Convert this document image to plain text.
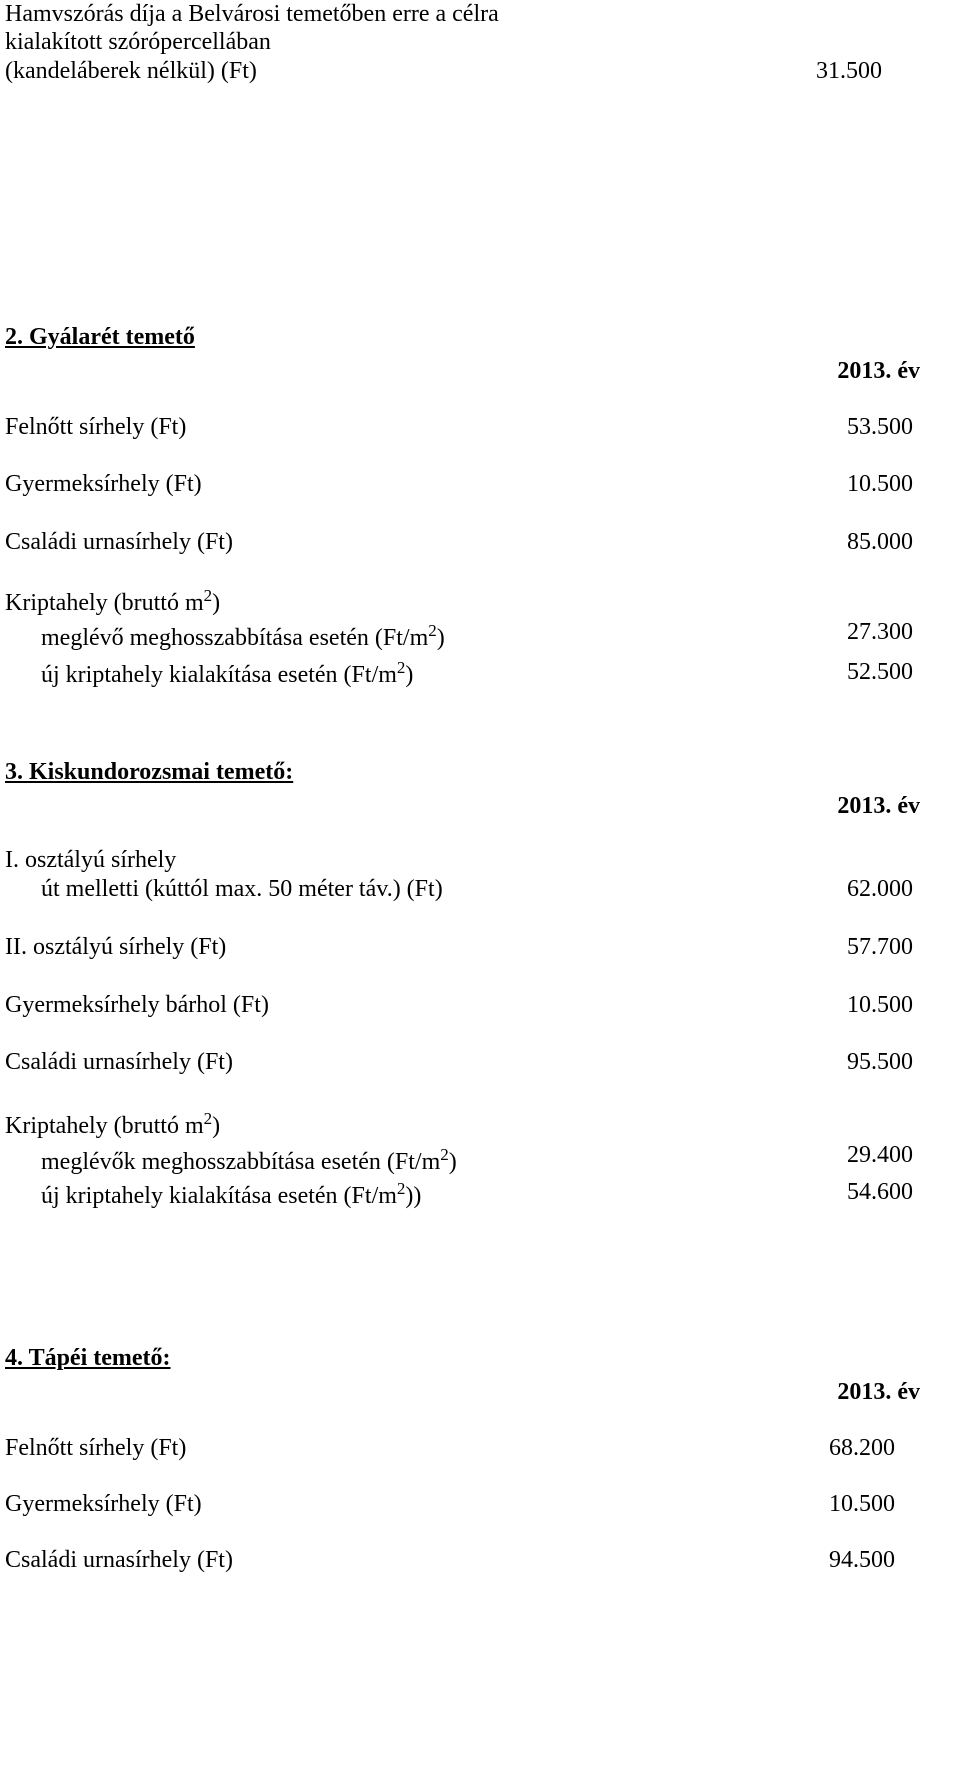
Hamvszórás díja a Belvárosi temetőben erre a célra
kialakított szórópercellában
(kandeláberek nélkül) (Ft)	31.500
2. Gyálarét temető
2013. év
Felnőtt sírhely (Ft)	53.500
Gyermeksírhely (Ft)	10.500
Családi urnasírhely (Ft)	85.000
Kriptahely (bruttó $m^2$)
meglévő meghosszabbítása esetén $(Ft/m^2)$	27.300
új kriptahely kialakítása esetén $(Ft/m^2)$	52.500
3. Kiskundorozsmai temető:
2013. év
I. osztályú sírhely
út melletti (kúttól max. 50 méter táv.) (Ft)	62.000
II. osztályú sírhely (Ft)	57.700
Gyermeksírhely bárhol (Ft)	10.500
Családi urnasírhely (Ft)	95.500
Kriptahely (bruttó $m^2$)
meglévők meghosszabbítása esetén $(Ft/m^2)$	29.400
új kriptahely kialakítása esetén $(Ft/m^2)$)	54.600
4. Tápéi temető:
2013. év
Felnőtt sírhely (Ft)	68.200
Gyermeksírhely (Ft)	10.500
Családi urnasírhely (Ft)	94.500
